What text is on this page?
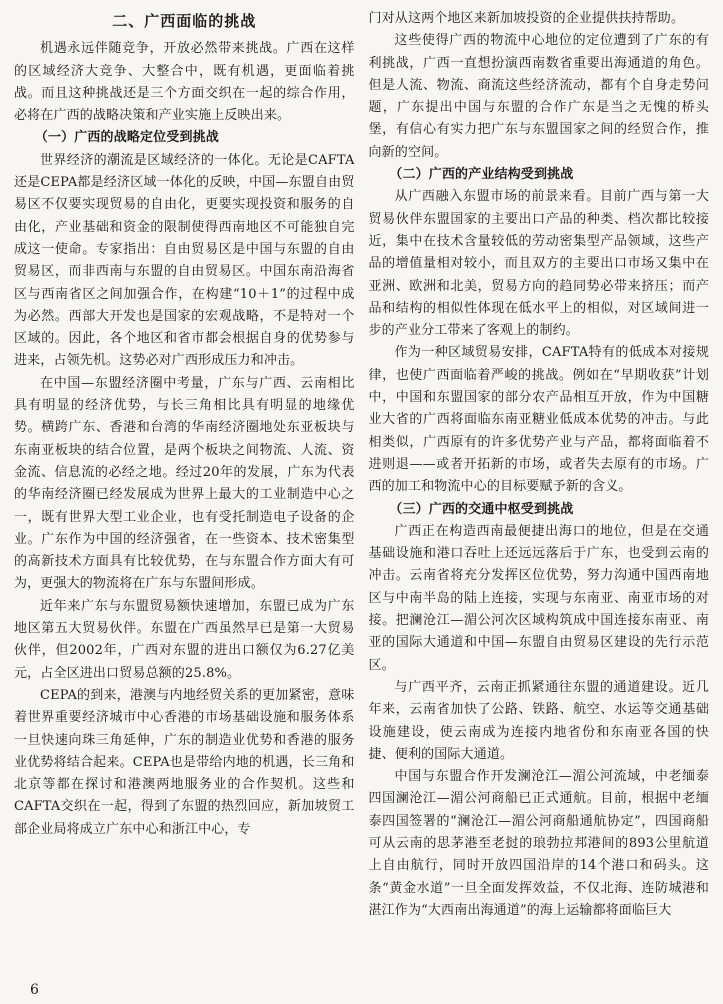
二、广西面临的挑战

机遇永远伴随竞争，开放必然带来挑战。广西在这样的区域经济大竞争、大整合中，既有机遇，更面临着挑战。而且这种挑战还是三个方面交织在一起的综合作用，必将在广西的战略决策和产业实施上反映出来。

（一）广西的战略定位受到挑战

世界经济的潮流是区域经济的一体化。无论是CAFTA还是CEPA都是经济区域一体化的反映，中国—东盟自由贸易区不仅要实现贸易的自由化，更要实现投资和服务的自由化，产业基础和资金的限制使得西南地区不可能独自完成这一使命。专家指出：自由贸易区是中国与东盟的自由贸易区，而非西南与东盟的自由贸易区。中国东南沿海省区与西南省区之间加强合作，在构建“10＋1”的过程中成为必然。西部大开发也是国家的宏观战略，不是特对一个区域的。因此，各个地区和省市都会根据自身的优势参与进来，占领先机。这势必对广西形成压力和冲击。

在中国—东盟经济圈中考量，广东与广西、云南相比具有明显的经济优势，与长三角相比具有明显的地缘优势。横跨广东、香港和台湾的华南经济圈地处东亚板块与东南亚板块的结合位置，是两个板块之间物流、人流、资金流、信息流的必经之地。经过20年的发展，广东为代表的华南经济圈已经发展成为世界上最大的工业制造中心之一，既有世界大型工业企业，也有受托制造电子设备的企业。广东作为中国的经济强省，在一些资本、技术密集型的高新技术方面具有比较优势，在与东盟合作方面大有可为，更强大的物流将在广东与东盟间形成。

近年来广东与东盟贸易额快速增加，东盟已成为广东地区第五大贸易伙伴。东盟在广西虽然早已是第一大贸易伙伴，但2002年，广西对东盟的进出口额仅为6.27亿美元，占全区进出口贸易总额的25.8%。

CEPA的到来，港澳与内地经贸关系的更加紧密，意味着世界重要经济城市中心香港的市场基础设施和服务体系一旦快速向珠三角延伸，广东的制造业优势和香港的服务业优势将结合起来。CEPA也是带给内地的机遇，长三角和北京等都在探讨和港澳两地服务业的合作契机。这些和CAFTA交织在一起，得到了东盟的热烈回应，新加坡贸工部企业局将成立广东中心和浙江中心，专

门对从这两个地区来新加坡投资的企业提供扶持帮助。

这些使得广西的物流中心地位的定位遭到了广东的有利挑战，广西一直想扮演西南数省重要出海通道的角色。但是人流、物流、商流这些经济流动，都有个自身走势问题，广东提出中国与东盟的合作广东是当之无愧的桥头堡，有信心有实力把广东与东盟国家之间的经贸合作，推向新的空间。

（二）广西的产业结构受到挑战

从广西融入东盟市场的前景来看。目前广西与第一大贸易伙伴东盟国家的主要出口产品的种类、档次都比较接近，集中在技术含量较低的劳动密集型产品领域，这些产品的增值量相对较小，而且双方的主要出口市场又集中在亚洲、欧洲和北美，贸易方向的趋同势必带来挤压；而产品和结构的相似性体现在低水平上的相似，对区域间进一步的产业分工带来了客观上的制约。

作为一种区域贸易安排，CAFTA特有的低成本对接规律，也使广西面临着严峻的挑战。例如在“早期收获”计划中，中国和东盟国家的部分农产品相互开放，作为中国糖业大省的广西将面临东南亚糖业低成本优势的冲击。与此相类似，广西原有的许多优势产业与产品，都将面临着不进则退——或者开拓新的市场，或者失去原有的市场。广西的加工和物流中心的目标要赋予新的含义。

（三）广西的交通中枢受到挑战

广西正在构造西南最便捷出海口的地位，但是在交通基础设施和港口吞吐上还远远落后于广东，也受到云南的冲击。云南省将充分发挥区位优势，努力沟通中国西南地区与中南半岛的陆上连接，实现与东南亚、南亚市场的对接。把澜沧江—湄公河次区域构筑成中国连接东南亚、南亚的国际大通道和中国—东盟自由贸易区建设的先行示范区。

与广西平齐，云南正抓紧通往东盟的通道建设。近几年来，云南省加快了公路、铁路、航空、水运等交通基础设施建设，使云南成为连接内地省份和东南亚各国的快捷、便利的国际大通道。

中国与东盟合作开发澜沧江—湄公河流域，中老缅泰四国澜沧江—湄公河商船已正式通航。目前，根据中老缅泰四国签署的“澜沧江—湄公河商船通航协定”，四国商船可从云南的思茅港至老挝的琅勃拉邦港间的893公里航道上自由航行，同时开放四国沿岸的14个港口和码头。这条“黄金水道”一旦全面发挥效益，不仅北海、连防城港和湛江作为“大西南出海通道”的海上运输都将面临巨大

6
